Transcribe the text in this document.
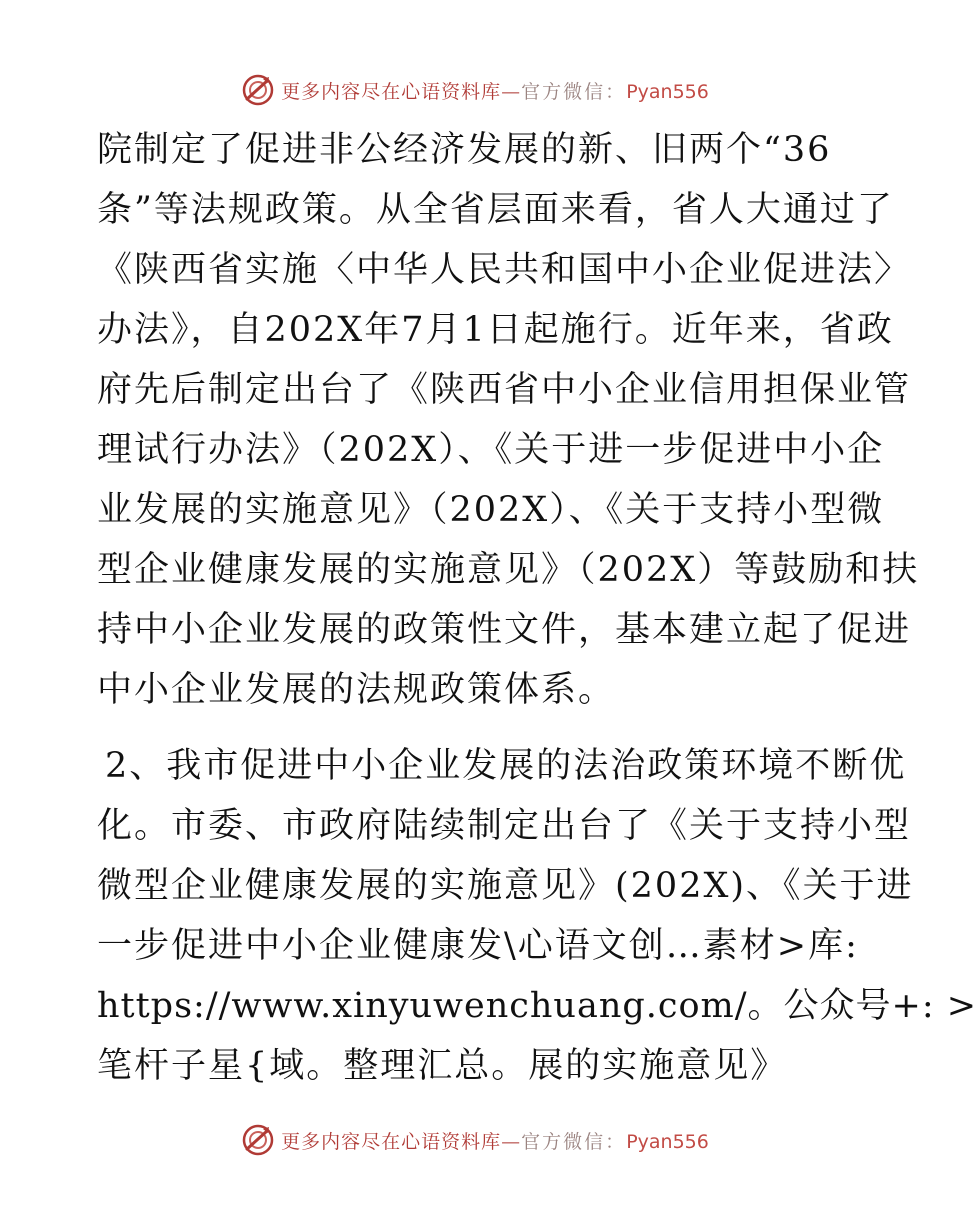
更多内容尽在心语资料库—官方微信：Pyan556
院制定了促进非公经济发展的新、旧两个“36
条”等法规政策。从全省层面来看，省人大通过了
《陕西省实施〈中华人民共和国中小企业促进法〉
办法》，自202X年7月1日起施行。近年来，省政
府先后制定出台了《陕西省中小企业信用担保业管
理试行办法》（202X）、《关于进一步促进中小企
业发展的实施意见》（202X）、《关于支持小型微
型企业健康发展的实施意见》（202X）等鼓励和扶
持中小企业发展的政策性文件，基本建立起了促进
中小企业发展的法规政策体系。
2、我市促进中小企业发展的法治政策环境不断优
化。市委、市政府陆续制定出台了《关于支持小型
微型企业健康发展的实施意见》(202X)、《关于进
一步促进中小企业健康发\心语文创…素材>库:
https://www.xinyuwenchuang.com/。公众号+: >
笔杆子星{域。整理汇总。展的实施意见》
更多内容尽在心语资料库—官方微信：Pyan556
